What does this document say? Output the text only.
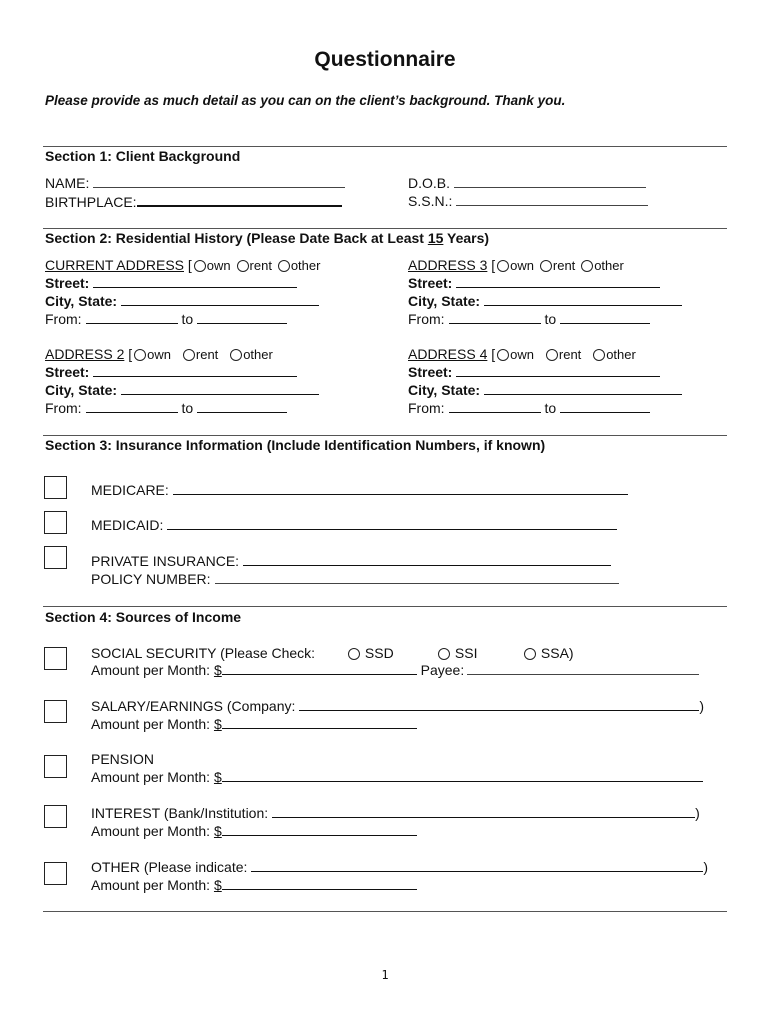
Questionnaire
Please provide as much detail as you can on the client’s background. Thank you.
Section 1: Client Background
NAME:
BIRTHPLACE:
D.O.B.
S.S.N.:
Section 2: Residential History (Please Date Back at Least 15 Years)
CURRENT ADDRESS [ own rent other
Street:
City, State:
From:	to
ADDRESS 3 [ own rent other
Street:
City, State:
From:	to
ADDRESS 2 [ own rent other
Street:
City, State:
From:	to
ADDRESS 4 [ own rent other
Street:
City, State:
From:	to
Section 3: Insurance Information (Include Identification Numbers, if known)
MEDICARE:
MEDICAID:
PRIVATE INSURANCE:
POLICY NUMBER:
Section 4: Sources of Income
SOCIAL SECURITY (Please Check:	SSD	SSI	SSA)
Amount per Month: $	Payee:
SALARY/EARNINGS (Company:	)
Amount per Month: $
PENSION
Amount per Month: $
INTEREST (Bank/Institution:	)
Amount per Month: $
OTHER (Please indicate:	)
Amount per Month: $
1
